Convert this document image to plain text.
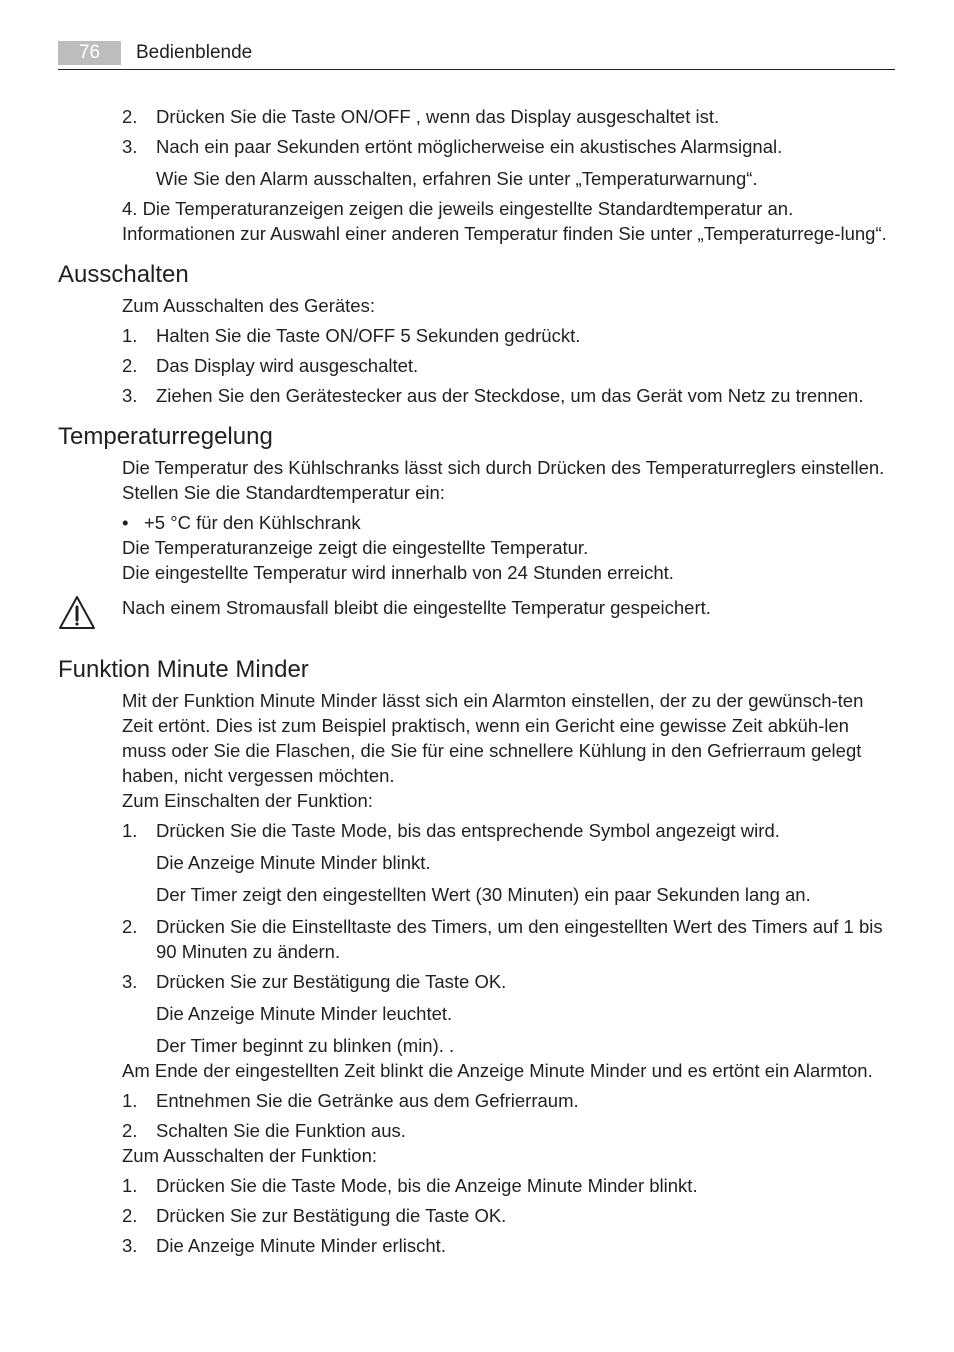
76	Bedienblende
2. Drücken Sie die Taste ON/OFF , wenn das Display ausgeschaltet ist.
3. Nach ein paar Sekunden ertönt möglicherweise ein akustisches Alarmsignal.
Wie Sie den Alarm ausschalten, erfahren Sie unter „Temperaturwarnung“.

4. Die Temperaturanzeigen zeigen die jeweils eingestellte Standardtemperatur an. Informationen zur Auswahl einer anderen Temperatur finden Sie unter „Temperaturrege-lung“.

Ausschalten

Zum Ausschalten des Gerätes:

1. Halten Sie die Taste ON/OFF 5 Sekunden gedrückt.
2. Das Display wird ausgeschaltet.
3. Ziehen Sie den Gerätestecker aus der Steckdose, um das Gerät vom Netz zu trennen.
Temperaturregelung

Die Temperatur des Kühlschranks lässt sich durch Drücken des Temperaturreglers einstellen. Stellen Sie die Standardtemperatur ein:

• +5 °C für den Kühlschrank

Die Temperaturanzeige zeigt die eingestellte Temperatur.

Die eingestellte Temperatur wird innerhalb von 24 Stunden erreicht.

Nach einem Stromausfall bleibt die eingestellte Temperatur gespeichert.
Funktion Minute Minder

Mit der Funktion Minute Minder lässt sich ein Alarmton einstellen, der zu der gewünsch-ten Zeit ertönt. Dies ist zum Beispiel praktisch, wenn ein Gericht eine gewisse Zeit abküh-len muss oder Sie die Flaschen, die Sie für eine schnellere Kühlung in den Gefrierraum gelegt haben, nicht vergessen möchten.

Zum Einschalten der Funktion:

1. Drücken Sie die Taste Mode, bis das entsprechende Symbol angezeigt wird.
Die Anzeige Minute Minder blinkt.
Der Timer zeigt den eingestellten Wert (30 Minuten) ein paar Sekunden lang an.
2. Drücken Sie die Einstelltaste des Timers, um den eingestellten Wert des Timers auf 1 bis 90 Minuten zu ändern.
3. Drücken Sie zur Bestätigung die Taste OK.
Die Anzeige Minute Minder leuchtet.
Der Timer beginnt zu blinken (min). .

Am Ende der eingestellten Zeit blinkt die Anzeige Minute Minder und es ertönt ein Alarmton.

1. Entnehmen Sie die Getränke aus dem Gefrierraum.
2. Schalten Sie die Funktion aus.

Zum Ausschalten der Funktion:

1. Drücken Sie die Taste Mode, bis die Anzeige Minute Minder blinkt.
2. Drücken Sie zur Bestätigung die Taste OK.
3. Die Anzeige Minute Minder erlischt.
